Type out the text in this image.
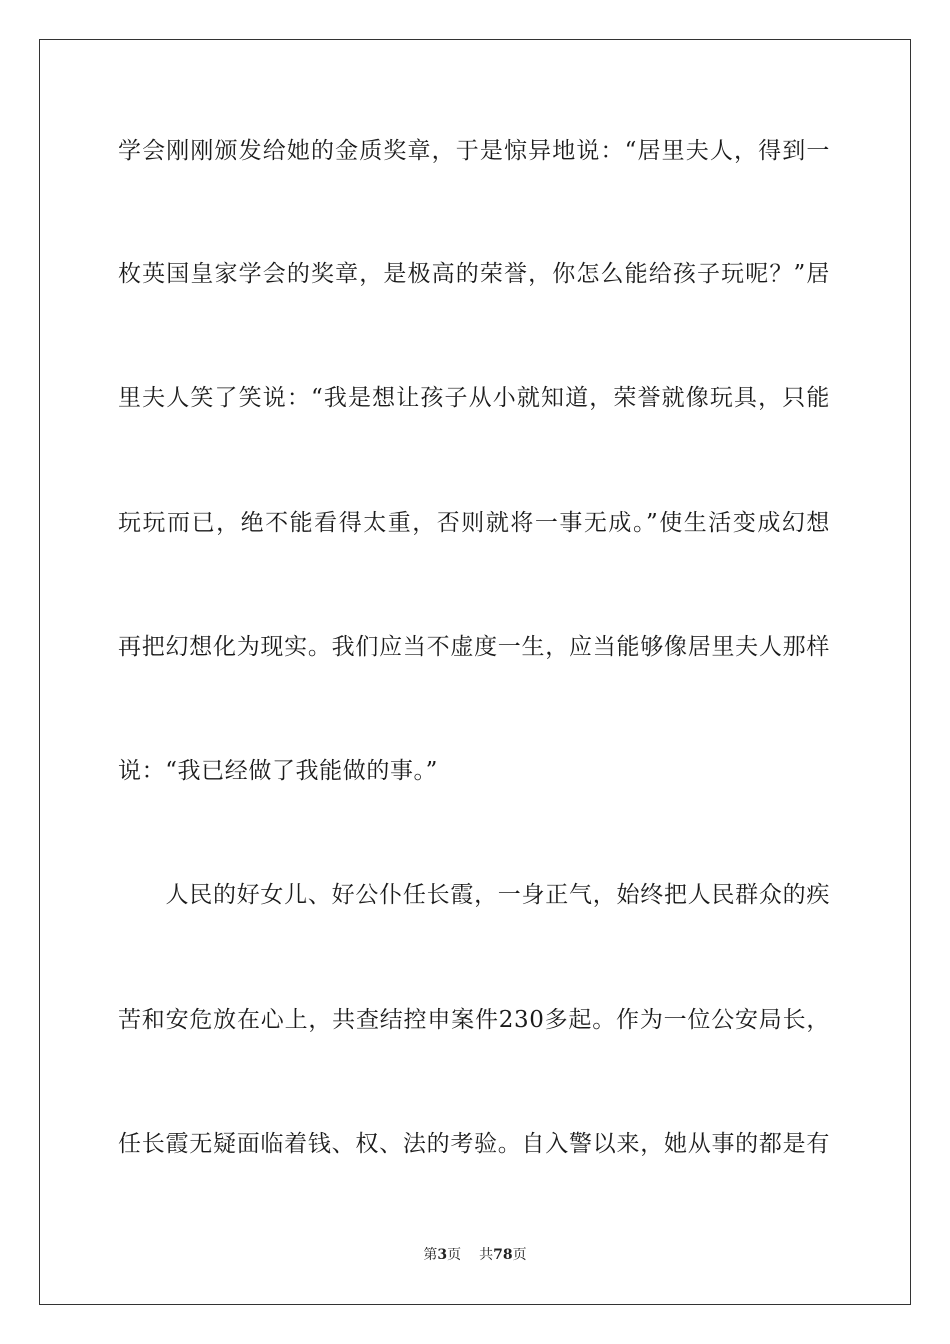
学会刚刚颁发给她的金质奖章，于是惊异地说：“居里夫人，得到一
枚英国皇家学会的奖章，是极高的荣誉，你怎么能给孩子玩呢？”居
里夫人笑了笑说：“我是想让孩子从小就知道，荣誉就像玩具，只能
玩玩而已，绝不能看得太重，否则就将一事无成。”使生活变成幻想
再把幻想化为现实。我们应当不虚度一生，应当能够像居里夫人那样
说：“我已经做了我能做的事。”
　　人民的好女儿、好公仆任长霞，一身正气，始终把人民群众的疾
苦和安危放在心上，共查结控申案件230多起。作为一位公安局长，
任长霞无疑面临着钱、权、法的考验。自入警以来，她从事的都是有
第3页 共78页
